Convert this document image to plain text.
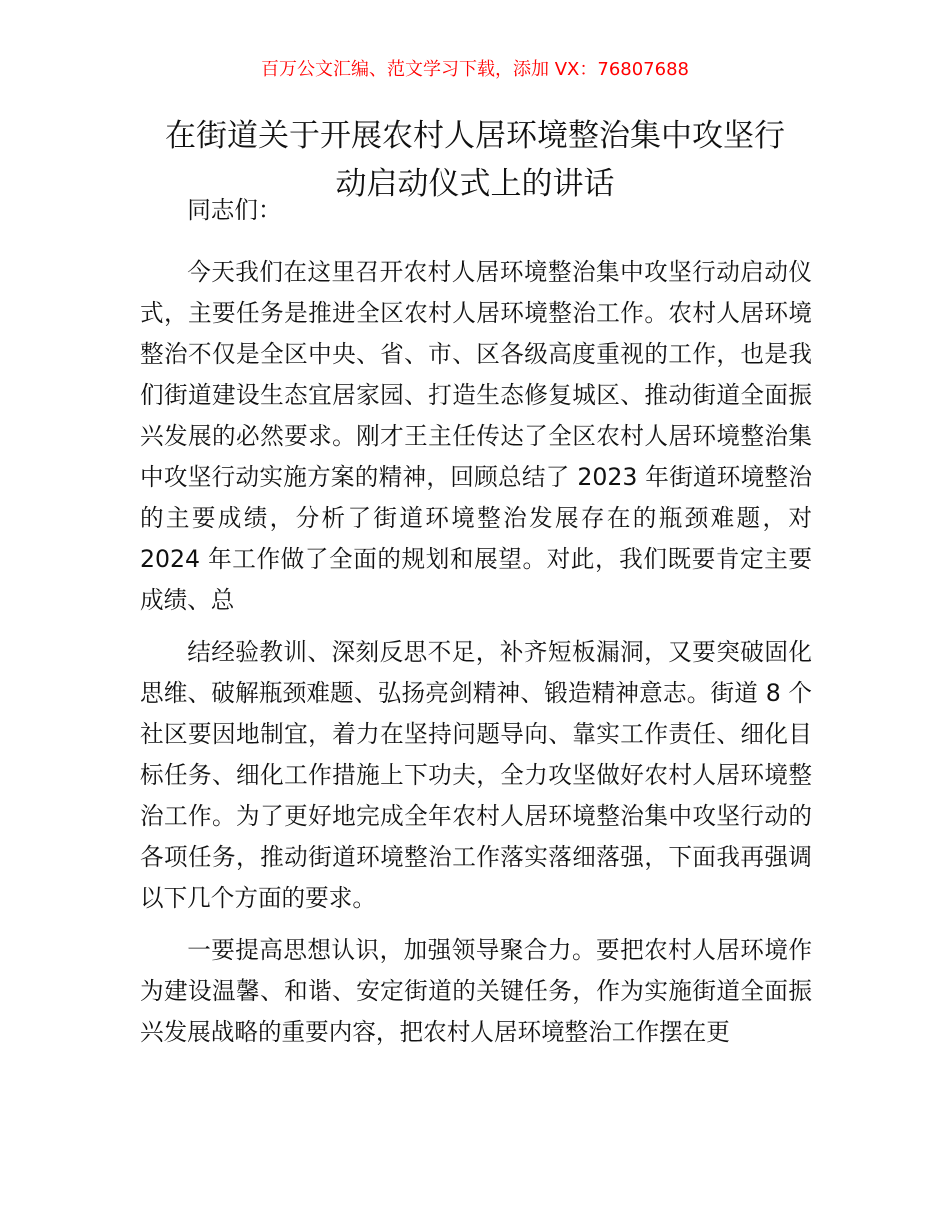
百万公文汇编、范文学习下载，添加 VX：76807688
在街道关于开展农村人居环境整治集中攻坚行
动启动仪式上的讲话

同志们：

今天我们在这里召开农村人居环境整治集中攻坚行动启动仪式，主要任务是推进全区农村人居环境整治工作。农村人居环境整治不仅是全区中央、省、市、区各级高度重视的工作，也是我们街道建设生态宜居家园、打造生态修复城区、推动街道全面振兴发展的必然要求。刚才王主任传达了全区农村人居环境整治集中攻坚行动实施方案的精神，回顾总结了 2023 年街道环境整治的主要成绩，分析了街道环境整治发展存在的瓶颈难题，对 2024 年工作做了全面的规划和展望。对此，我们既要肯定主要成绩、总

结经验教训、深刻反思不足，补齐短板漏洞，又要突破固化思维、破解瓶颈难题、弘扬亮剑精神、锻造精神意志。街道 8 个社区要因地制宜，着力在坚持问题导向、靠实工作责任、细化目标任务、细化工作措施上下功夫，全力攻坚做好农村人居环境整治工作。为了更好地完成全年农村人居环境整治集中攻坚行动的各项任务，推动街道环境整治工作落实落细落强，下面我再强调以下几个方面的要求。

一要提高思想认识，加强领导聚合力。要把农村人居环境作为建设温馨、和谐、安定街道的关键任务，作为实施街道全面振兴发展战略的重要内容，把农村人居环境整治工作摆在更
